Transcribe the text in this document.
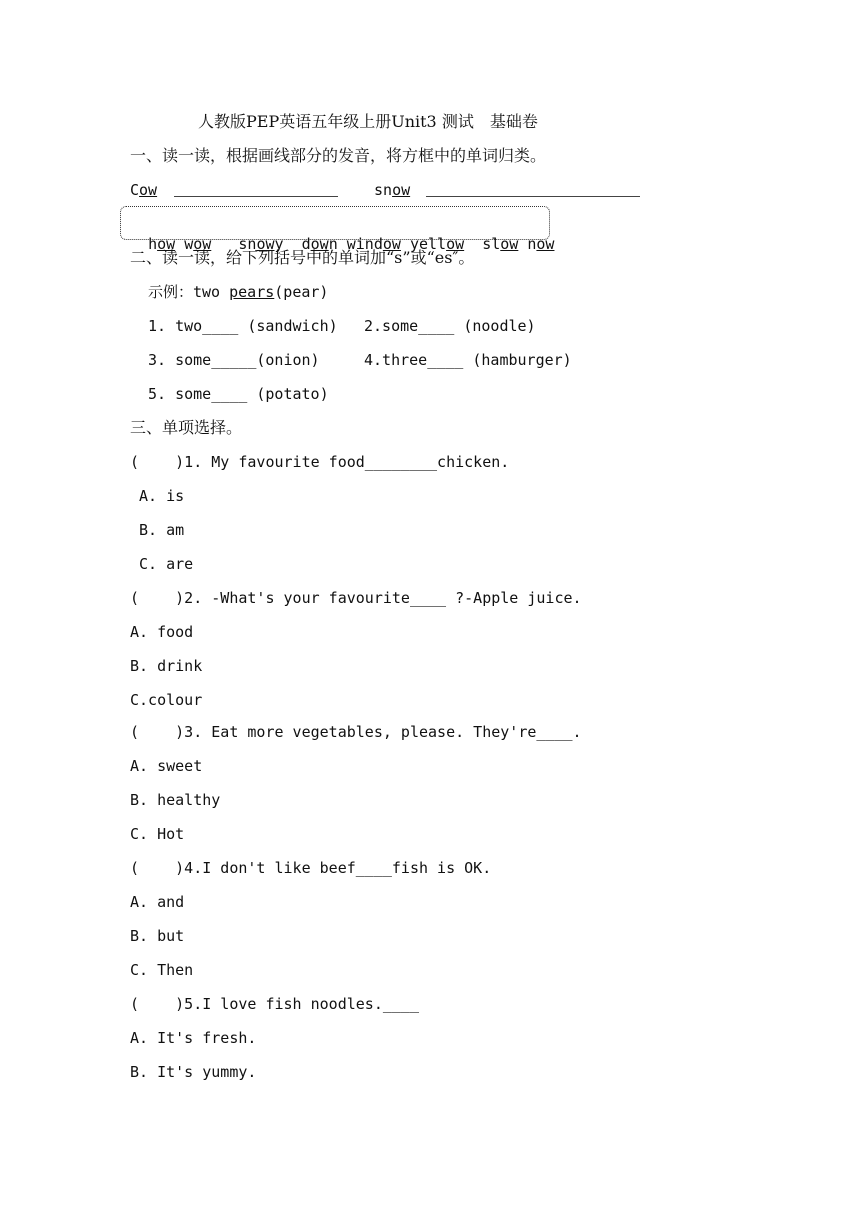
人教版PEP英语五年级上册Unit3 测试　基础卷
一、读一读，根据画线部分的发音，将方框中的单词归类。
Cow	snow

how wow snowy down window yellow slow now

二、读一读，给下列括号中的单词加“s”或“es″。
示例：two pears(pear)
1. two____ (sandwich) 2.some____ (noodle)
3. some_____(onion)	4.three____ (hamburger)
5. some____ (potato)
三、单项选择。
(    )1. My favourite food________chicken.
A. is
B. am
C. are
(    )2. -What's your favourite____ ?-Apple juice.
A. food
B. drink
C.colour
(    )3. Eat more vegetables, please. They're____.
A. sweet
B. healthy
C. Hot
(    )4.I don't like beef____fish is OK.
A. and
B. but
C. Then
(    )5.I love fish noodles.____
A. It's fresh.
B. It's yummy.
